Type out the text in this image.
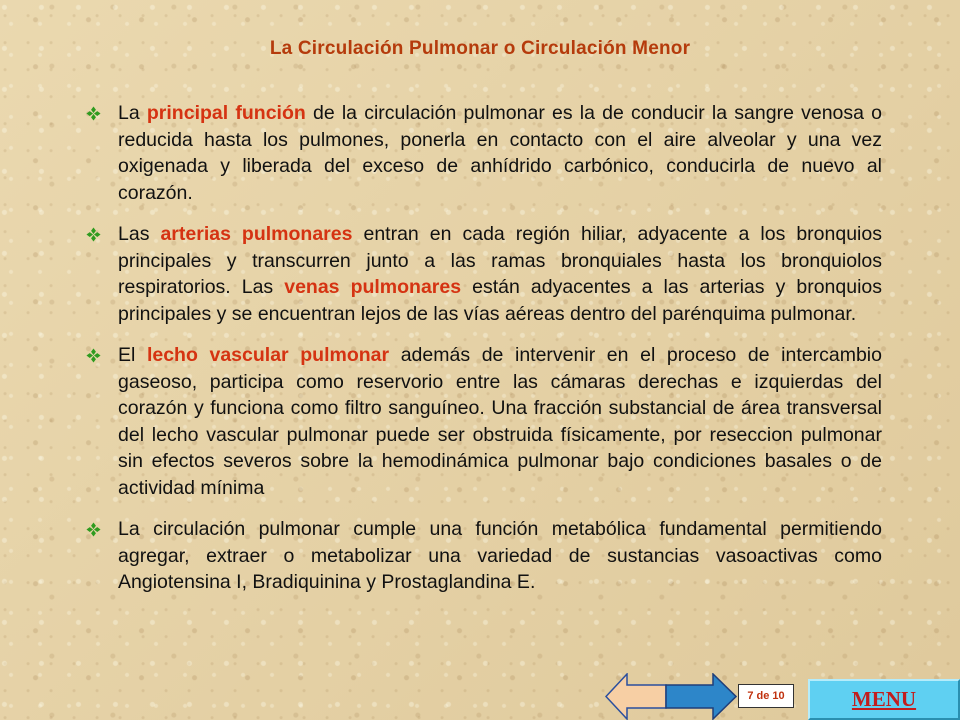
La Circulación Pulmonar o Circulación Menor
La principal función de la circulación pulmonar es la de conducir la sangre venosa o reducida hasta los pulmones, ponerla en contacto con el aire alveolar y una vez oxigenada y liberada del exceso de anhídrido carbónico, conducirla de nuevo al corazón.
Las arterias pulmonares entran en cada región hiliar, adyacente a los bronquios principales y transcurren junto a las ramas bronquiales hasta los bronquiolos respiratorios. Las venas pulmonares están adyacentes a las arterias y bronquios principales y se encuentran lejos de las vías aéreas dentro del parénquima pulmonar.
El lecho vascular pulmonar además de intervenir en el proceso de intercambio gaseoso, participa como reservorio entre las cámaras derechas e izquierdas del corazón y funciona como filtro sanguíneo. Una fracción substancial de área transversal del lecho vascular pulmonar puede ser obstruida físicamente, por reseccion pulmonar sin efectos severos sobre la hemodinámica pulmonar bajo condiciones basales o de actividad mínima
La circulación pulmonar cumple una función metabólica fundamental permitiendo agregar, extraer o metabolizar una variedad de sustancias vasoactivas como Angiotensina I, Bradiquinina y Prostaglandina E.
7 de 10	MENU
